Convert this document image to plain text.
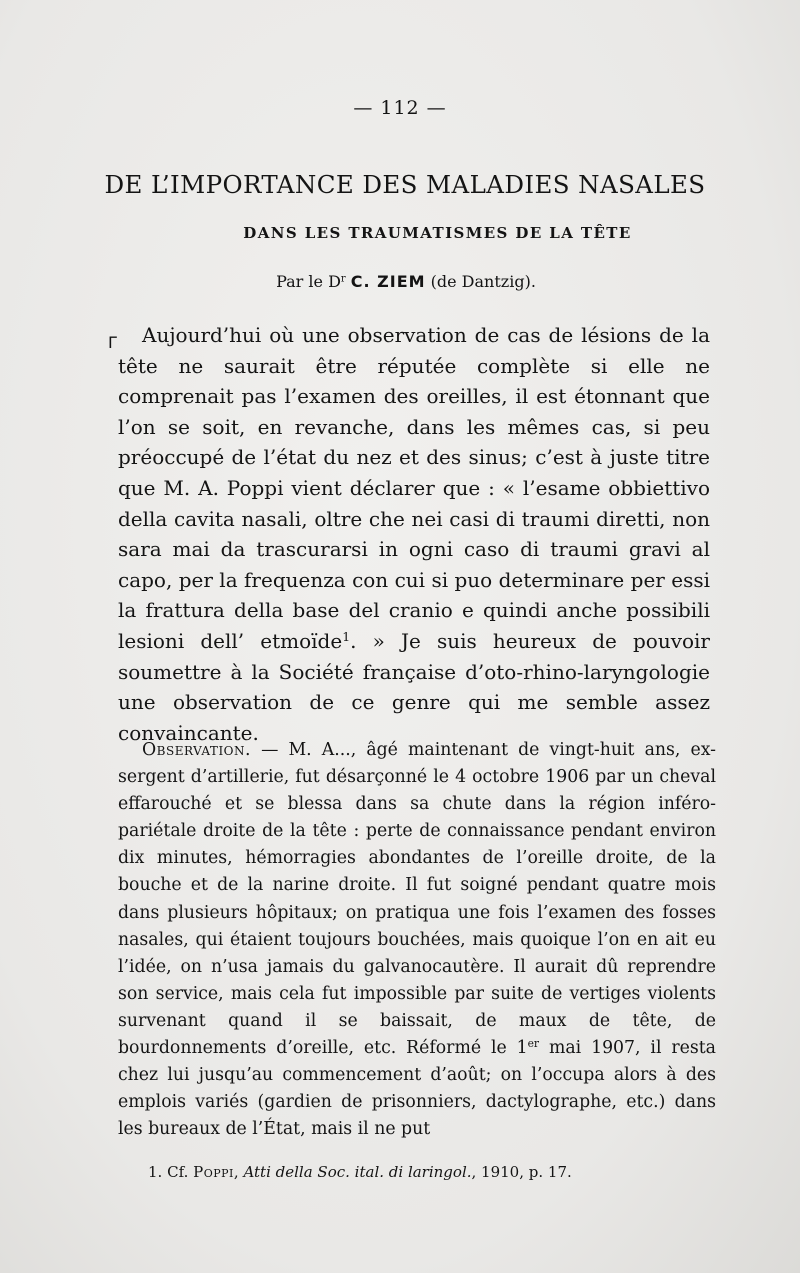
— 112 —
DE L’IMPORTANCE DES MALADIES NASALES
DANS LES TRAUMATISMES DE LA TÊTE
Par le $D^r$ C. ZIEM (de Dantzig).
Γ Aujourd’hui où une observation de cas de lésions de la tête ne saurait être réputée complète si elle ne comprenait pas l’examen des oreilles, il est étonnant que l’on se soit, en revanche, dans les mêmes cas, si peu préoccupé de l’état du nez et des sinus; c’est à juste titre que M. A. Poppi vient déclarer que : « l’esame obbiettivo della cavita nasali, oltre che nei casi di traumi diretti, non sara mai da trascurarsi in ogni caso di traumi gravi al capo, per la frequenza con cui si puo determinare per essi la frattura della base del cranio e quindi anche possibili lesioni dell’ etmoïde$^1$. » Je suis heureux de pouvoir soumettre à la Société française d’oto-rhino-laryngologie une observation de ce genre qui me semble assez convaincante.
Observation. — M. A..., âgé maintenant de vingt-huit ans, ex-sergent d’artillerie, fut désarçonné le 4 octobre 1906 par un cheval effarouché et se blessa dans sa chute dans la région inféro-pariétale droite de la tête : perte de connaissance pendant environ dix minutes, hémorragies abondantes de l’oreille droite, de la bouche et de la narine droite. Il fut soigné pendant quatre mois dans plusieurs hôpitaux; on pratiqua une fois l’examen des fosses nasales, qui étaient toujours bouchées, mais quoique l’on en ait eu l’idée, on n’usa jamais du galvanocautère. Il aurait dû reprendre son service, mais cela fut impossible par suite de vertiges violents survenant quand il se baissait, de maux de tête, de bourdonnements d’oreille, etc. Réformé le 1er mai 1907, il resta chez lui jusqu’au commencement d’août; on l’occupa alors à des emplois variés (gardien de prisonniers, dactylographe, etc.) dans les bureaux de l’État, mais il ne put
1. Cf. Poppi, Atti della Soc. ital. di laringol., 1910, p. 17.
